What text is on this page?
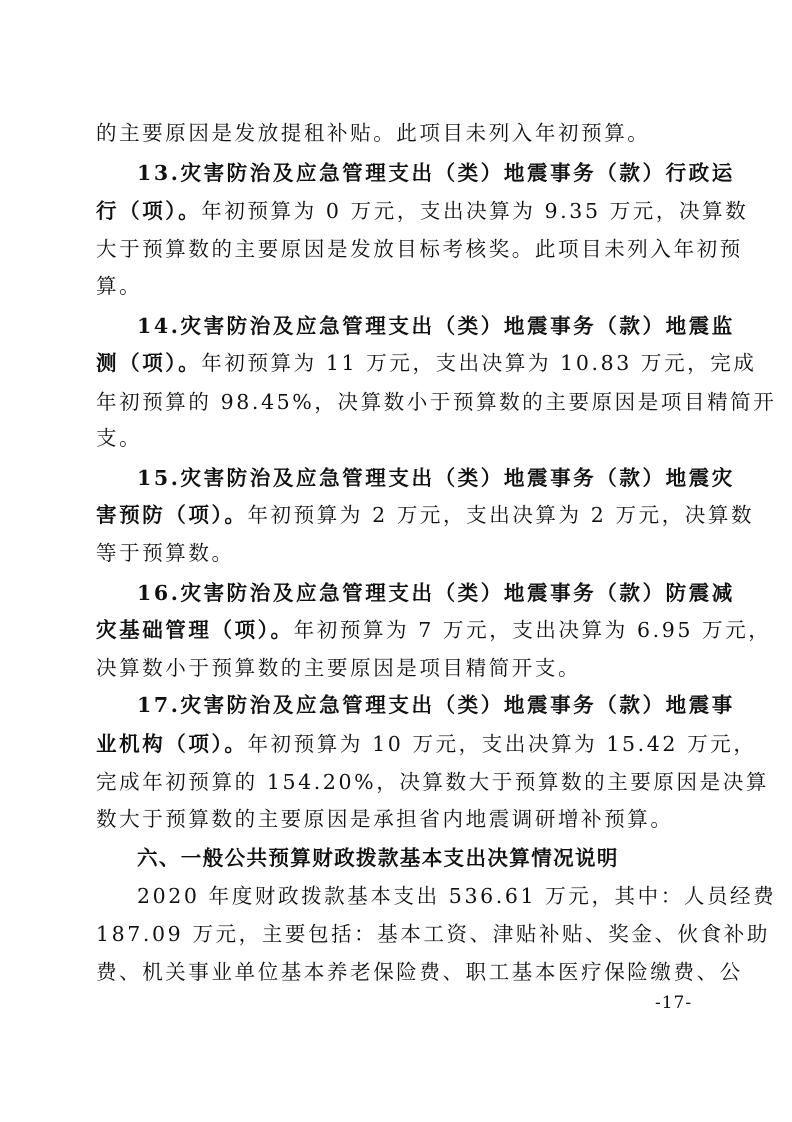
的主要原因是发放提租补贴。此项目未列入年初预算。
13.灾害防治及应急管理支出（类）地震事务（款）行政运
行（项）。年初预算为 0 万元，支出决算为 9.35 万元，决算数
大于预算数的主要原因是发放目标考核奖。此项目未列入年初预
算。
14.灾害防治及应急管理支出（类）地震事务（款）地震监
测（项）。年初预算为 11 万元，支出决算为 10.83 万元，完成
年初预算的 98.45%，决算数小于预算数的主要原因是项目精简开
支。
15.灾害防治及应急管理支出（类）地震事务（款）地震灾
害预防（项）。年初预算为 2 万元，支出决算为 2 万元，决算数
等于预算数。
16.灾害防治及应急管理支出（类）地震事务（款）防震减
灾基础管理（项）。年初预算为 7 万元，支出决算为 6.95 万元，
决算数小于预算数的主要原因是项目精简开支。
17.灾害防治及应急管理支出（类）地震事务（款）地震事
业机构（项）。年初预算为 10 万元，支出决算为 15.42 万元，
完成年初预算的 154.20%，决算数大于预算数的主要原因是决算
数大于预算数的主要原因是承担省内地震调研增补预算。
六、一般公共预算财政拨款基本支出决算情况说明
2020 年度财政拨款基本支出 536.61 万元，其中：人员经费
187.09 万元，主要包括：基本工资、津贴补贴、奖金、伙食补助
费、机关事业单位基本养老保险费、职工基本医疗保险缴费、公
-17-
